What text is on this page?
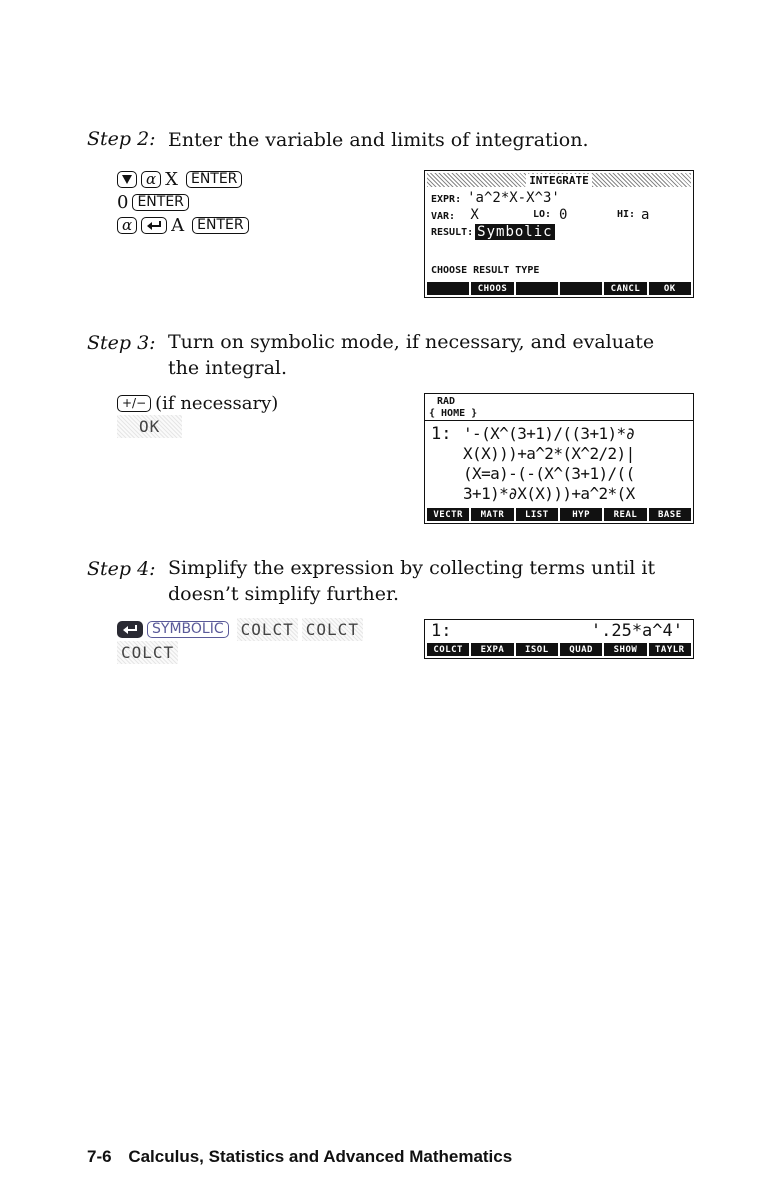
Step 2: Enter the variable and limits of integration.
α X ENTER
0 ENTER
α A ENTER
INTEGRATE
EXPR: 'a^2*X-X^3'
VAR: X	LO: 0	HI: a
RESULT: Symbolic
CHOOSE RESULT TYPE
CHOOS	CANCL	OK
Step 3: Turn on symbolic mode, if necessary, and evaluate the integral.
+/− (if necessary)
OK
RAD
{ HOME }
1: '-(X^(3+1)/((3+1)*∂
X(X)))+a^2*(X^2/2)|
(X=a)-(-(X^(3+1)/((
3+1)*∂X(X)))+a^2*(X
VECTR	MATR	LIST	HYP	REAL	BASE
Step 4: Simplify the expression by collecting terms until it doesn’t simplify further.
SYMBOLIC	COLCT COLCT
COLCT
1:	'.25*a^4'
COLCT	EXPA	ISOL	QUAD	SHOW	TAYLR
7-6 Calculus, Statistics and Advanced Mathematics
